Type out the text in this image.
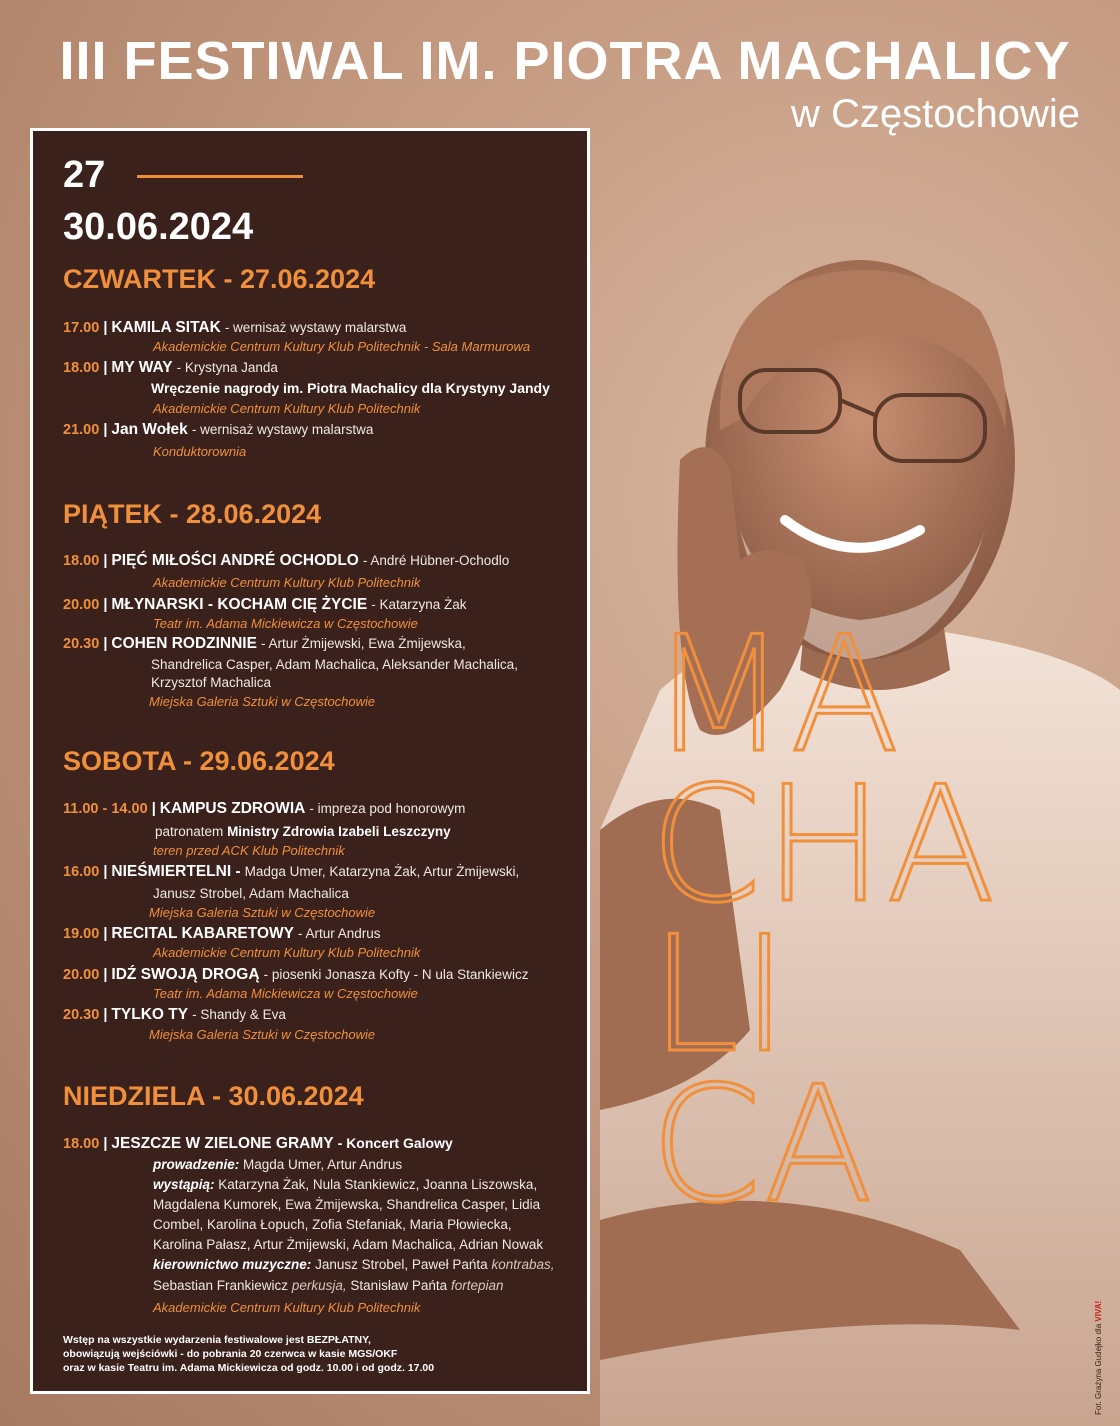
III FESTIWAL IM. PIOTRA MACHALICY
w Częstochowie
Fot. Grażyna Gudejko dla VIVA!
MA
CHA
LI
CA
27
30.06.2024
CZWARTEK - 27.06.2024
17.00 | KAMILA SITAK - wernisaż wystawy malarstwa
Akademickie Centrum Kultury Klub Politechnik - Sala Marmurowa
18.00 | MY WAY - Krystyna Janda
Wręczenie nagrody im. Piotra Machalicy dla Krystyny Jandy
Akademickie Centrum Kultury Klub Politechnik
21.00 | Jan Wołek - wernisaż wystawy malarstwa
Konduktorownia
PIĄTEK - 28.06.2024
18.00 | PIĘĆ MIŁOŚCI ANDRÉ OCHODLO - André Hübner-Ochodlo
Akademickie Centrum Kultury Klub Politechnik
20.00 | MŁYNARSKI - KOCHAM CIĘ ŻYCIE - Katarzyna Żak
Teatr im. Adama Mickiewicza w Częstochowie
20.30 | COHEN RODZINNIE - Artur Żmijewski, Ewa Żmijewska,
Shandrelica Casper, Adam Machalica, Aleksander Machalica,
Krzysztof Machalica
Miejska Galeria Sztuki w Częstochowie
SOBOTA - 29.06.2024
11.00 - 14.00 | KAMPUS ZDROWIA - impreza pod honorowym
patronatem Ministry Zdrowia Izabeli Leszczyny
teren przed ACK Klub Politechnik
16.00 | NIEŚMIERTELNI - Madga Umer, Katarzyna Żak, Artur Żmijewski,
Janusz Strobel, Adam Machalica
Miejska Galeria Sztuki w Częstochowie
19.00 | RECITAL KABARETOWY - Artur Andrus
Akademickie Centrum Kultury Klub Politechnik
20.00 | IDŹ SWOJĄ DROGĄ - piosenki Jonasza Kofty - N ula Stankiewicz
Teatr im. Adama Mickiewicza w Częstochowie
20.30 | TYLKO TY - Shandy & Eva
Miejska Galeria Sztuki w Częstochowie
NIEDZIELA - 30.06.2024
18.00 | JESZCZE W ZIELONE GRAMY - Koncert Galowy
prowadzenie: Magda Umer, Artur Andrus
wystąpią: Katarzyna Żak, Nula Stankiewicz, Joanna Liszowska,
Magdalena Kumorek, Ewa Żmijewska, Shandrelica Casper, Lidia
Combel, Karolina Łopuch, Zofia Stefaniak, Maria Płowiecka,
Karolina Pałasz, Artur Żmijewski, Adam Machalica, Adrian Nowak
kierownictwo muzyczne: Janusz Strobel, Paweł Pańta kontrabas,
Sebastian Frankiewicz perkusja, Stanisław Pańta fortepian
Akademickie Centrum Kultury Klub Politechnik
Wstęp na wszystkie wydarzenia festiwalowe jest BEZPŁATNY,
obowiązują wejściówki - do pobrania 20 czerwca w kasie MGS/OKF
oraz w kasie Teatru im. Adama Mickiewicza od godz. 10.00 i od godz. 17.00
